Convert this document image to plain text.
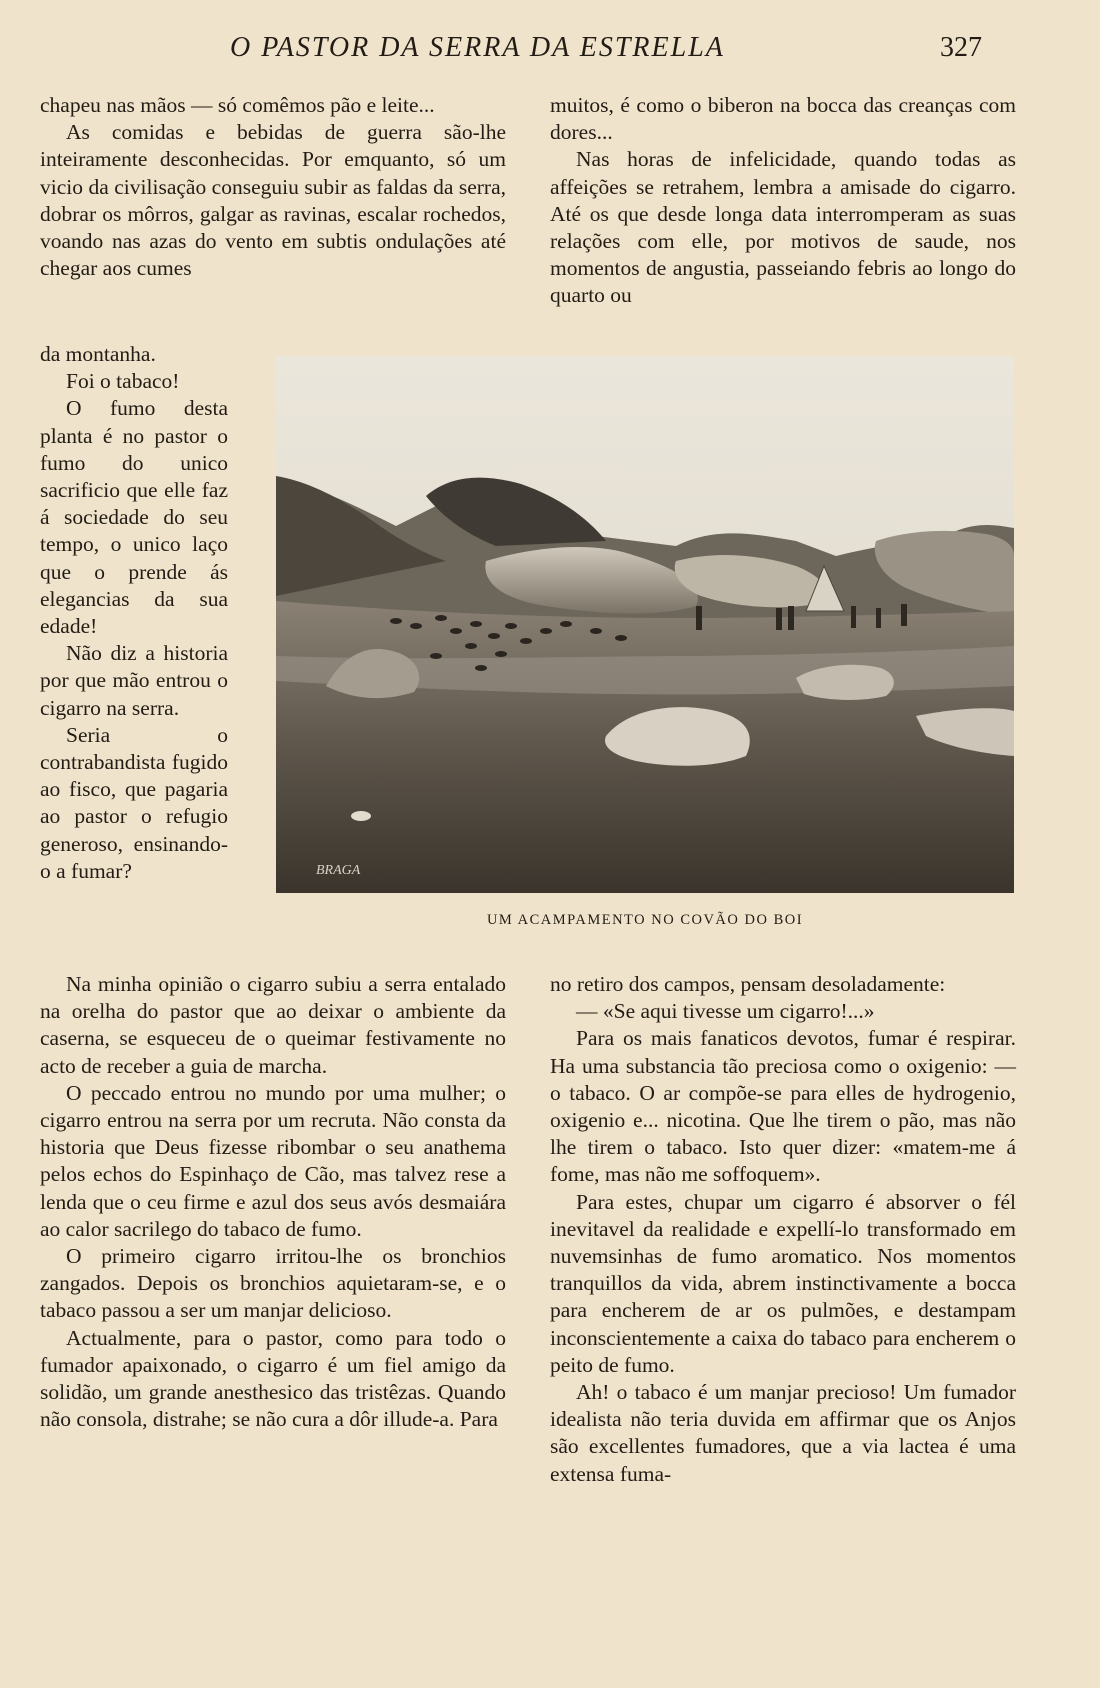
O PASTOR DA SERRA DA ESTRELLA	327

chapeu nas mãos — só comêmos pão e leite...

As comidas e bebidas de guerra são-lhe inteiramente desconhecidas. Por emquanto, só um vicio da civilisação conseguiu subir as faldas da serra, dobrar os môrros, galgar as ravinas, escalar rochedos, voando nas azas do vento em subtis ondulações até chegar aos cumes

da montanha.

Foi o tabaco!

O fumo desta planta é no pastor o fumo do unico sacrificio que elle faz á sociedade do seu tempo, o unico laço que o prende ás elegancias da sua edade!

Não diz a historia por que mão entrou o cigarro na serra.

Seria o contrabandista fugido ao fisco, que pagaria ao pastor o refugio generoso, ensinando-o a fumar?

Na minha opinião o cigarro subiu a serra entalado na orelha do pastor que ao deixar o ambiente da caserna, se esqueceu de o queimar festivamente no acto de receber a guia de marcha.

O peccado entrou no mundo por uma mulher; o cigarro entrou na serra por um recruta. Não consta da historia que Deus fizesse ribombar o seu anathema pelos echos do Espinhaço de Cão, mas talvez rese a lenda que o ceu firme e azul dos seus avós desmaiára ao calor sacrilego do tabaco de fumo.

O primeiro cigarro irritou-lhe os bronchios zangados. Depois os bronchios aquietaram-se, e o tabaco passou a ser um manjar delicioso.

Actualmente, para o pastor, como para todo o fumador apaixonado, o cigarro é um fiel amigo da solidão, um grande anesthesico das tristêzas. Quando não consola, distrahe; se não cura a dôr illude-a. Para

muitos, é como o biberon na bocca das creanças com dores...

Nas horas de infelicidade, quando todas as affeições se retrahem, lembra a amisade do cigarro. Até os que desde longa data interromperam as suas relações com elle, por motivos de saude, nos momentos de angustia, passeiando febris ao longo do quarto ou

no retiro dos campos, pensam desoladamente:

— «Se aqui tivesse um cigarro!...»

Para os mais fanaticos devotos, fumar é respirar. Ha uma substancia tão preciosa como o oxigenio: — o tabaco. O ar compõe-se para elles de hydrogenio, oxigenio e... nicotina. Que lhe tirem o pão, mas não lhe tirem o tabaco. Isto quer dizer: «matem-me á fome, mas não me soffoquem».

Para estes, chupar um cigarro é absorver o fél inevitavel da realidade e expellí-lo transformado em nuvemsinhas de fumo aromatico. Nos momentos tranquillos da vida, abrem instinctivamente a bocca para encherem de ar os pulmões, e destampam inconscientemente a caixa do tabaco para encherem o peito de fumo.

Ah! o tabaco é um manjar precioso! Um fumador idealista não teria duvida em affirmar que os Anjos são excellentes fumadores, que a via lactea é uma extensa fuma-

BRAGA
UM ACAMPAMENTO NO COVÃO DO BOI
